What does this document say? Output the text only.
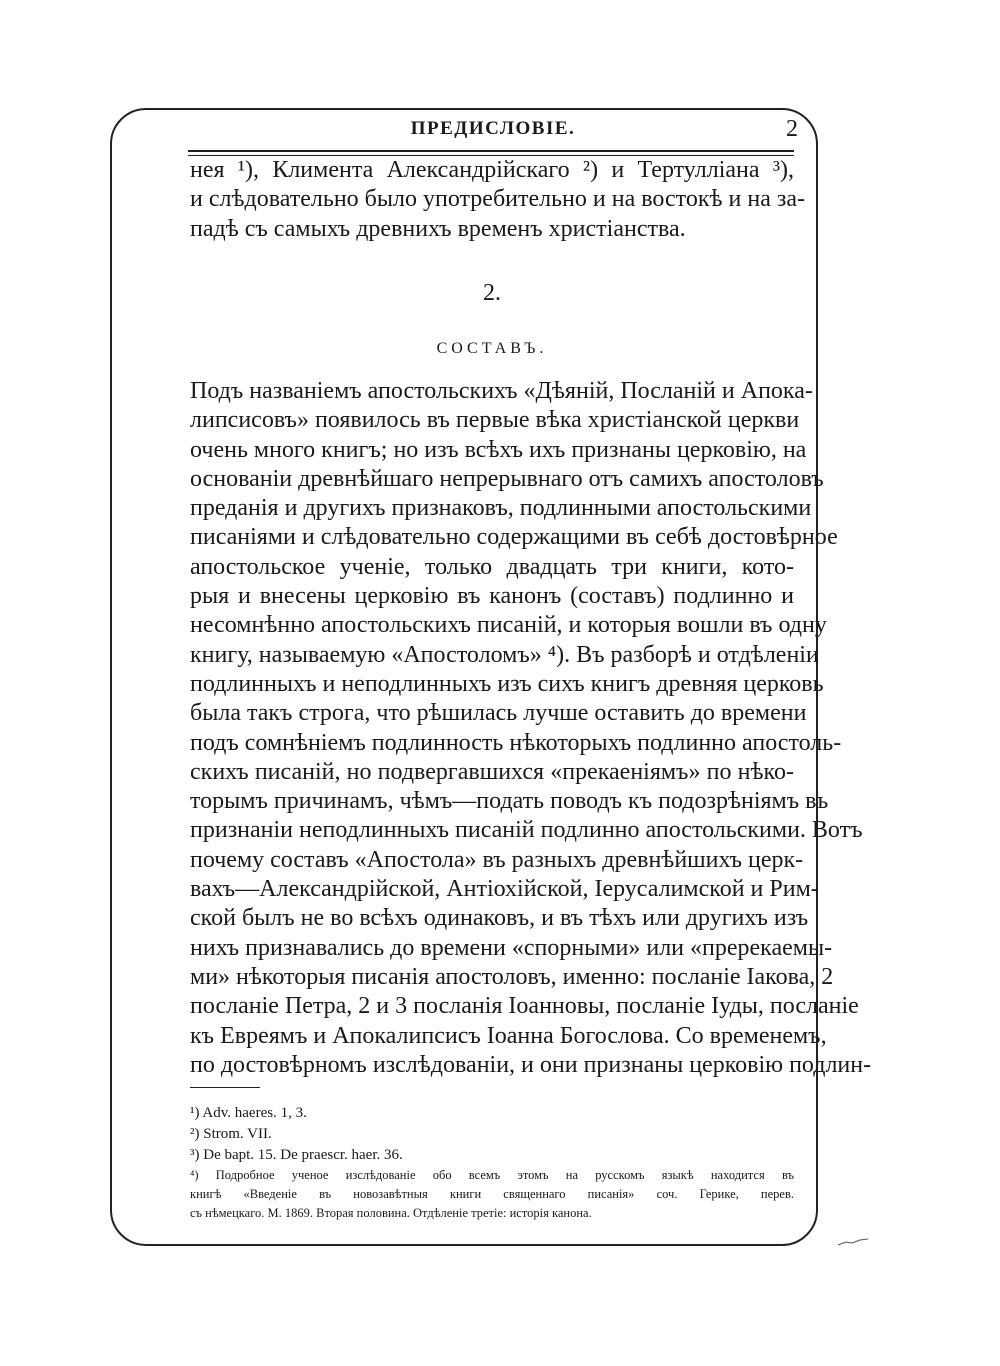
ПРЕДИСЛОВІЕ.	2
нея ¹), Климента Александрійскаго ²) и Тертулліана ³),
и слѣдовательно было употребительно и на востокѣ и на за-
падѣ съ самыхъ древнихъ временъ христіанства.
2.
СОСТАВЪ.
Подъ названіемъ апостольскихъ «Дѣяній, Посланій и Апока-
липсисовъ» появилось въ первые вѣка христіанской церкви
очень много книгъ; но изъ всѣхъ ихъ признаны церковію, на
основаніи древнѣйшаго непрерывнаго отъ самихъ апостоловъ
преданія и другихъ признаковъ, подлинными апостольскими
писаніями и слѣдовательно содержащими въ себѣ достовѣрное
апостольское ученіе, только двадцать три книги, кото-
рыя и внесены церковію въ канонъ (составъ) подлинно и
несомнѣнно апостольскихъ писаній, и которыя вошли въ одну
книгу, называемую «Апостоломъ» ⁴). Въ разборѣ и отдѣленіи
подлинныхъ и неподлинныхъ изъ сихъ книгъ древняя церковь
была такъ строга, что рѣшилась лучше оставить до времени
подъ сомнѣніемъ подлинность нѣкоторыхъ подлинно апостоль-
скихъ писаній, но подвергавшихся «прекаеніямъ» по нѣко-
торымъ причинамъ, чѣмъ—подать поводъ къ подозрѣніямъ въ
признаніи неподлинныхъ писаній подлинно апостольскими. Вотъ
почему составъ «Апостола» въ разныхъ древнѣйшихъ церк-
вахъ—Александрійской, Антіохійской, Іерусалимской и Рим-
ской былъ не во всѣхъ одинаковъ, и въ тѣхъ или другихъ изъ
нихъ признавались до времени «спорными» или «пререкаемы-
ми» нѣкоторыя писанія апостоловъ, именно: посланіе Іакова, 2
посланіе Петра, 2 и 3 посланія Іоанновы, посланіе Іуды, посланіе
къ Евреямъ и Апокалипсисъ Іоанна Богослова. Со временемъ,
по достовѣрномъ изслѣдованіи, и они признаны церковію подлин-
¹) Adv. haeres. 1, 3.
²) Strom. VII.
³) De bapt. 15. De praescr. haer. 36.
⁴) Подробное ученое изслѣдованіе обо всемъ этомъ на русскомъ языкѣ находится въ
книгѣ «Введеніе въ новозавѣтныя книги священнаго писанія» соч. Герике, перев.
съ нѣмецкаго. М. 1869. Вторая половина. Отдѣленіе третіе: исторія канона.
